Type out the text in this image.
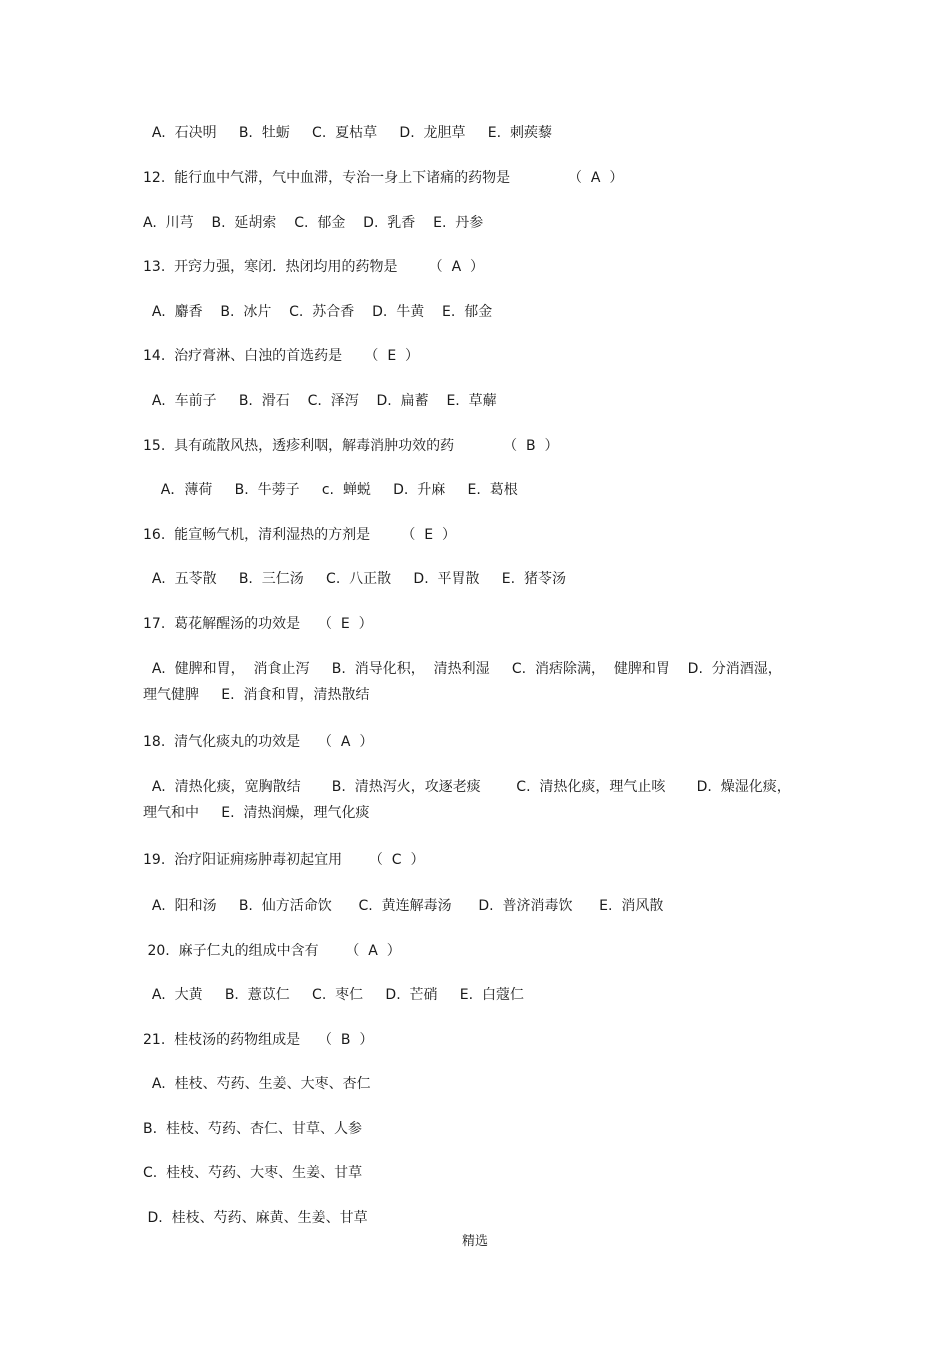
A.  石决明     B.  牡蛎     C.  夏枯草     D.  龙胆草     E.  刺蒺藜
12.  能行血中气滞，气中血滞，专治一身上下诸痛的药物是             （  A  ）
A.  川芎    B.  延胡索    C.  郁金    D.  乳香    E.  丹参
13.  开窍力强，寒闭.  热闭均用的药物是       （  A  ）
A.  麝香    B.  冰片    C.  苏合香    D.  牛黄    E.  郁金
14.  治疗膏淋、白浊的首选药是     （  E  ）
A.  车前子     B.  滑石    C.  泽泻    D.  扁蓄    E.  草薢
15.  具有疏散风热，透疹利咽，解毒消肿功效的药           （  B  ）
A．薄荷     B.  牛蒡子     c.  蝉蜕     D.  升麻     E.  葛根
16.  能宣畅气机，清利湿热的方剂是       （  E  ）
A.  五苓散     B.  三仁汤     C.  八正散     D.  平胃散     E.  猪苓汤
17.  葛花解醒汤的功效是    （  E  ）
A.  健脾和胃，  消食止泻     B.  消导化积，  清热利湿     C.  消痞除满，  健脾和胃    D.  分消酒湿，
理气健脾     E.  消食和胃，清热散结
18.  清气化痰丸的功效是    （  A  ）
A.  清热化痰，宽胸散结       B.  清热泻火，攻逐老痰        C.  清热化痰，理气止咳       D.  燥湿化痰，
理气和中     E.  清热润燥，理气化痰
19.  治疗阳证痈疡肿毒初起宜用      （  C  ）
A.  阳和汤     B.  仙方活命饮      C.  黄连解毒汤      D.  普济消毒饮      E.  消风散
20.  麻子仁丸的组成中含有      （  A  ）
A.  大黄     B.  薏苡仁     C.  枣仁     D.  芒硝     E.  白蔻仁
21.  桂枝汤的药物组成是    （  B  ）
A.  桂枝、芍药、生姜、大枣、杏仁
B.  桂枝、芍药、杏仁、甘草、人参
C.  桂枝、芍药、大枣、生姜、甘草
D.  桂枝、芍药、麻黄、生姜、甘草
精选
